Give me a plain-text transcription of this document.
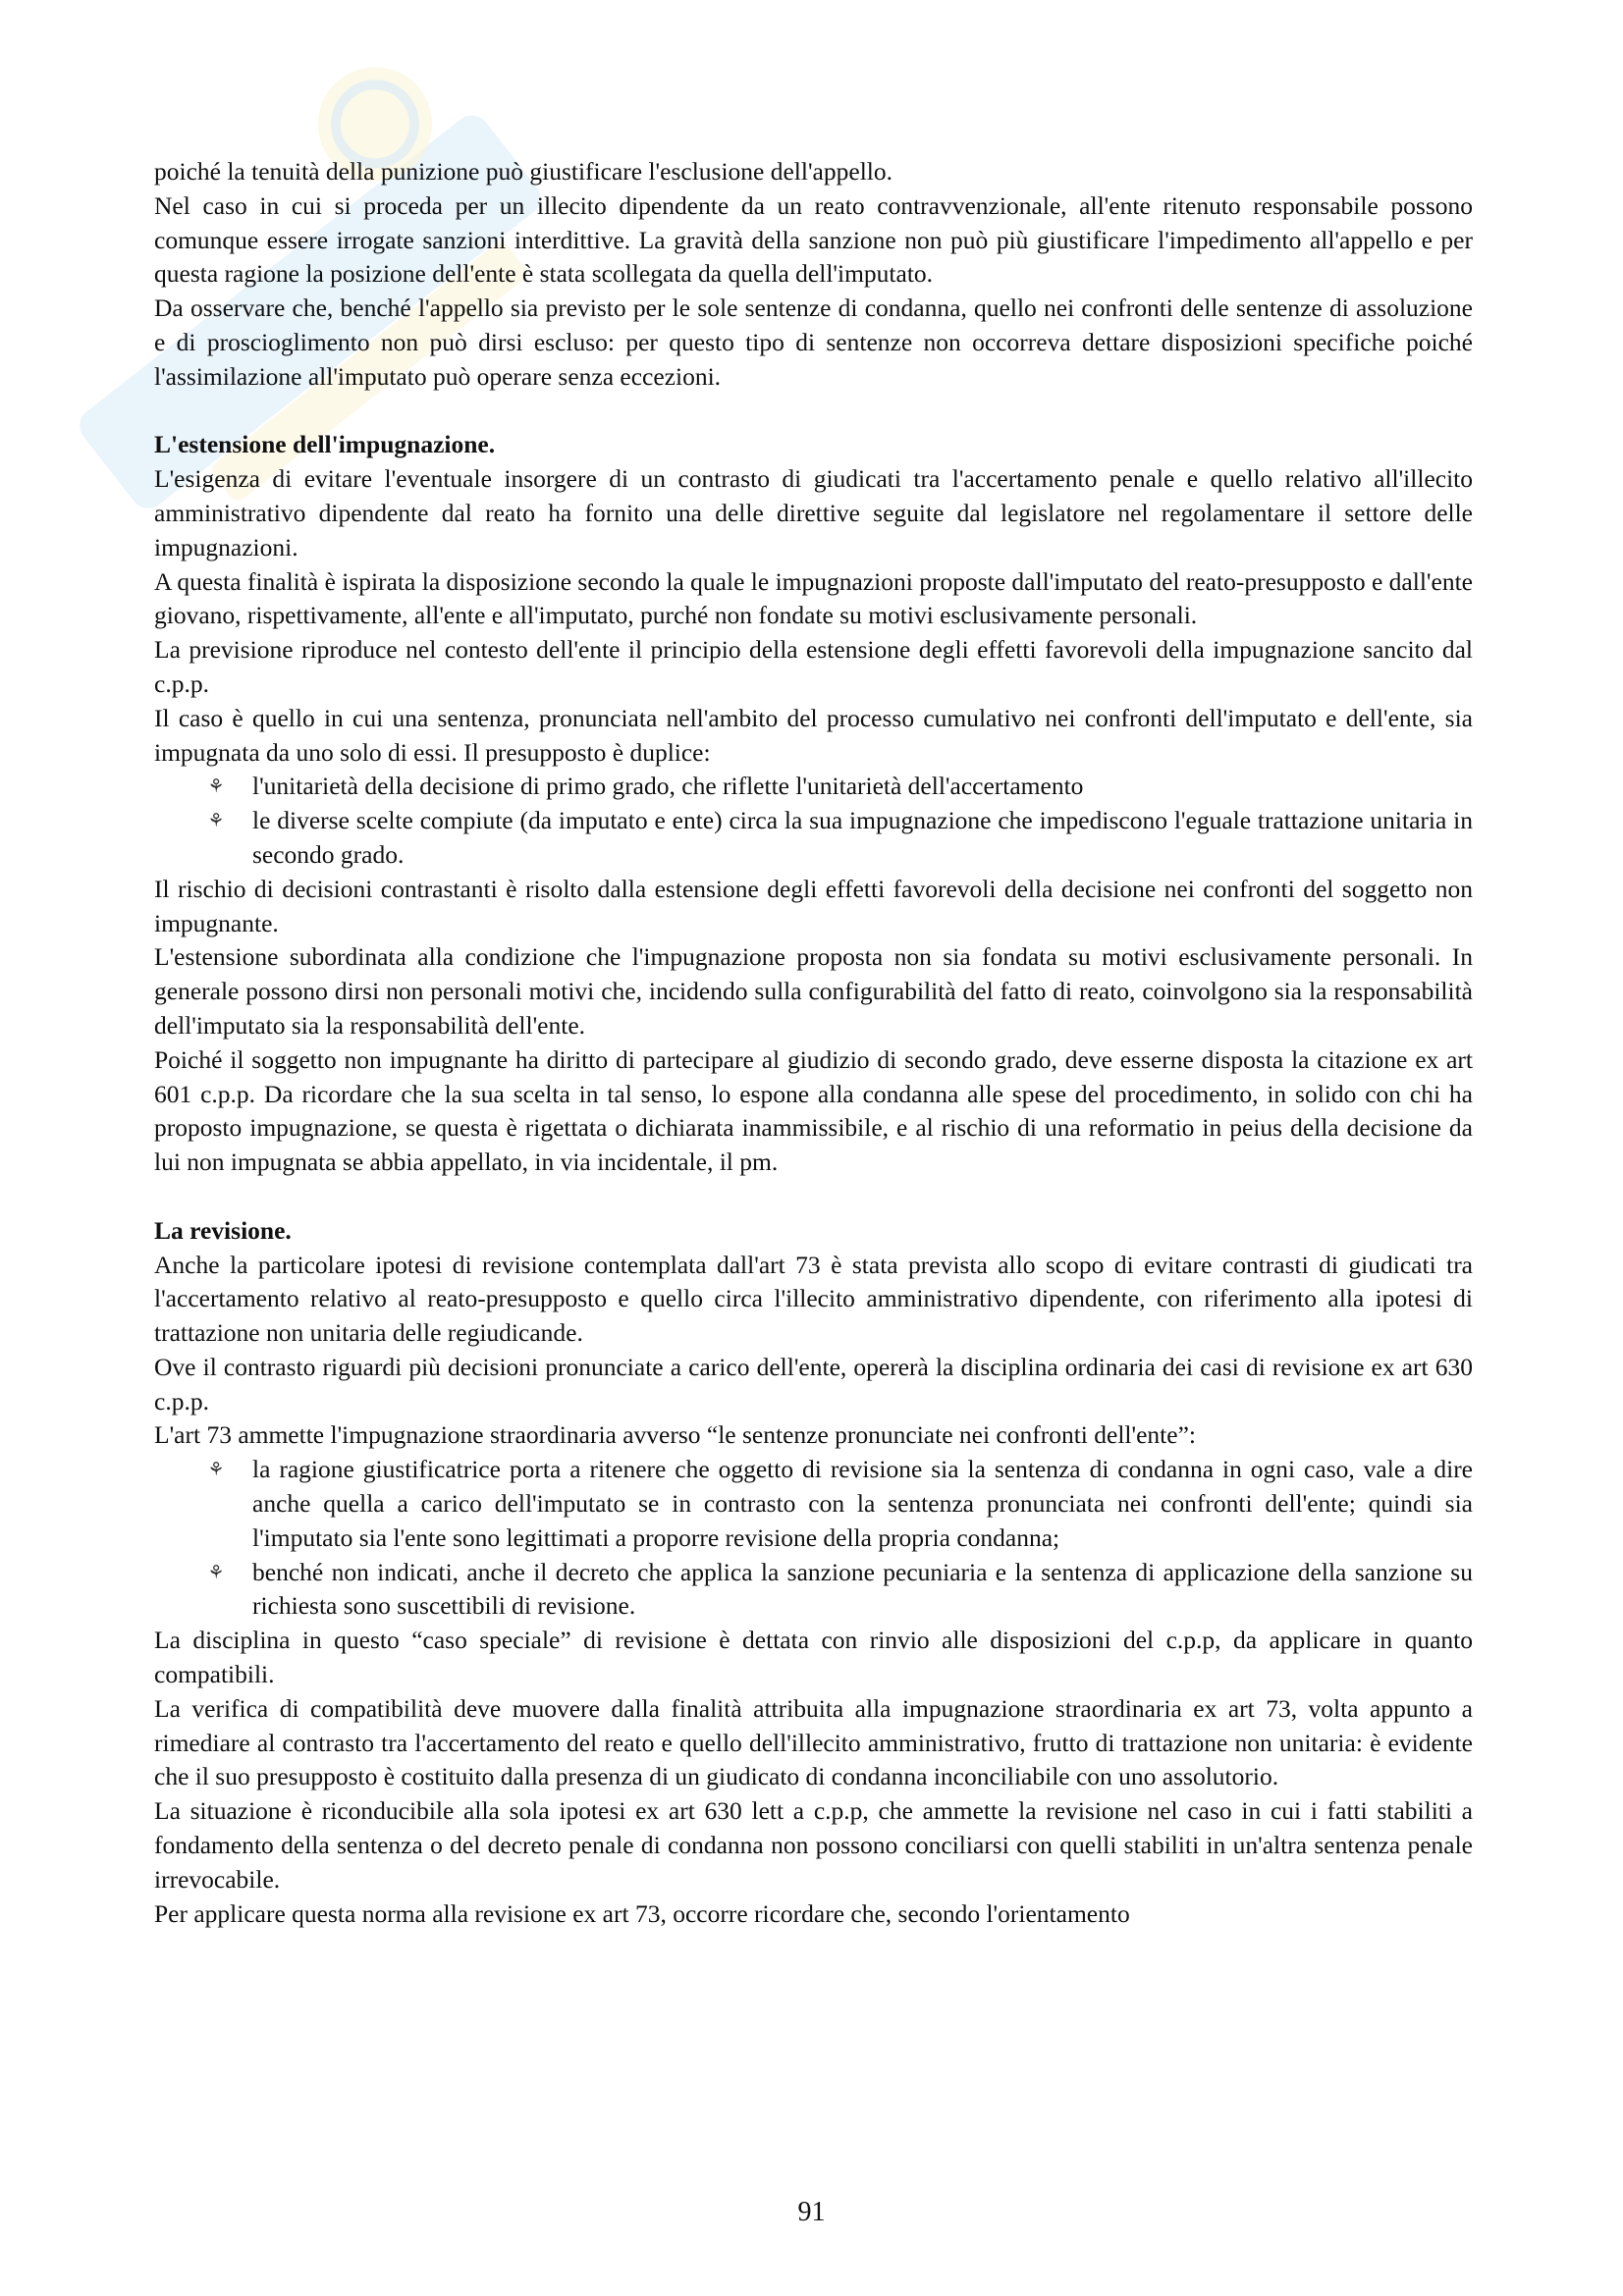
poiché la tenuità della punizione può giustificare l'esclusione dell'appello.

Nel caso in cui si proceda per un illecito dipendente da un reato contravvenzionale, all'ente ritenuto responsabile possono comunque essere irrogate sanzioni interdittive. La gravità della sanzione non può più giustificare l'impedimento all'appello e per questa ragione la posizione dell'ente è stata scollegata da quella dell'imputato.

Da osservare che, benché l'appello sia previsto per le sole sentenze di condanna, quello nei confronti delle sentenze di assoluzione e di proscioglimento non può dirsi escluso: per questo tipo di sentenze non occorreva dettare disposizioni specifiche poiché l'assimilazione all'imputato può operare senza eccezioni.

L'estensione dell'impugnazione.

L'esigenza di evitare l'eventuale insorgere di un contrasto di giudicati tra l'accertamento penale e quello relativo all'illecito amministrativo dipendente dal reato ha fornito una delle direttive seguite dal legislatore nel regolamentare il settore delle impugnazioni.

A questa finalità è ispirata la disposizione secondo la quale le impugnazioni proposte dall'imputato del reato-presupposto e dall'ente giovano, rispettivamente, all'ente e all'imputato, purché non fondate su motivi esclusivamente personali.

La previsione riproduce nel contesto dell'ente il principio della estensione degli effetti favorevoli della impugnazione sancito dal c.p.p.

Il caso è quello in cui una sentenza, pronunciata nell'ambito del processo cumulativo nei confronti dell'imputato e dell'ente, sia impugnata da uno solo di essi. Il presupposto è duplice:

⚘ l'unitarietà della decisione di primo grado, che riflette l'unitarietà dell'accertamento
⚘ le diverse scelte compiute (da imputato e ente) circa la sua impugnazione che impediscono l'eguale trattazione unitaria in secondo grado.

Il rischio di decisioni contrastanti è risolto dalla estensione degli effetti favorevoli della decisione nei confronti del soggetto non impugnante.

L'estensione subordinata alla condizione che l'impugnazione proposta non sia fondata su motivi esclusivamente personali. In generale possono dirsi non personali motivi che, incidendo sulla configurabilità del fatto di reato, coinvolgono sia la responsabilità dell'imputato sia la responsabilità dell'ente.

Poiché il soggetto non impugnante ha diritto di partecipare al giudizio di secondo grado, deve esserne disposta la citazione ex art 601 c.p.p. Da ricordare che la sua scelta in tal senso, lo espone alla condanna alle spese del procedimento, in solido con chi ha proposto impugnazione, se questa è rigettata o dichiarata inammissibile, e al rischio di una reformatio in peius della decisione da lui non impugnata se abbia appellato, in via incidentale, il pm.

La revisione.

Anche la particolare ipotesi di revisione contemplata dall'art 73 è stata prevista allo scopo di evitare contrasti di giudicati tra l'accertamento relativo al reato-presupposto e quello circa l'illecito amministrativo dipendente, con riferimento alla ipotesi di trattazione non unitaria delle regiudicande.

Ove il contrasto riguardi più decisioni pronunciate a carico dell'ente, opererà la disciplina ordinaria dei casi di revisione ex art 630 c.p.p.

L'art 73 ammette l'impugnazione straordinaria avverso “le sentenze pronunciate nei confronti dell'ente”:

⚘ la ragione giustificatrice porta a ritenere che oggetto di revisione sia la sentenza di condanna in ogni caso, vale a dire anche quella a carico dell'imputato se in contrasto con la sentenza pronunciata nei confronti dell'ente; quindi sia l'imputato sia l'ente sono legittimati a proporre revisione della propria condanna;
⚘ benché non indicati, anche il decreto che applica la sanzione pecuniaria e la sentenza di applicazione della sanzione su richiesta sono suscettibili di revisione.

La disciplina in questo “caso speciale” di revisione è dettata con rinvio alle disposizioni del c.p.p, da applicare in quanto compatibili.

La verifica di compatibilità deve muovere dalla finalità attribuita alla impugnazione straordinaria ex art 73, volta appunto a rimediare al contrasto tra l'accertamento del reato e quello dell'illecito amministrativo, frutto di trattazione non unitaria: è evidente che il suo presupposto è costituito dalla presenza di un giudicato di condanna inconciliabile con uno assolutorio.

La situazione è riconducibile alla sola ipotesi ex art 630 lett a c.p.p, che ammette la revisione nel caso in cui i fatti stabiliti a fondamento della sentenza o del decreto penale di condanna non possono conciliarsi con quelli stabiliti in un'altra sentenza penale irrevocabile.

Per applicare questa norma alla revisione ex art 73, occorre ricordare che, secondo l'orientamento

91
